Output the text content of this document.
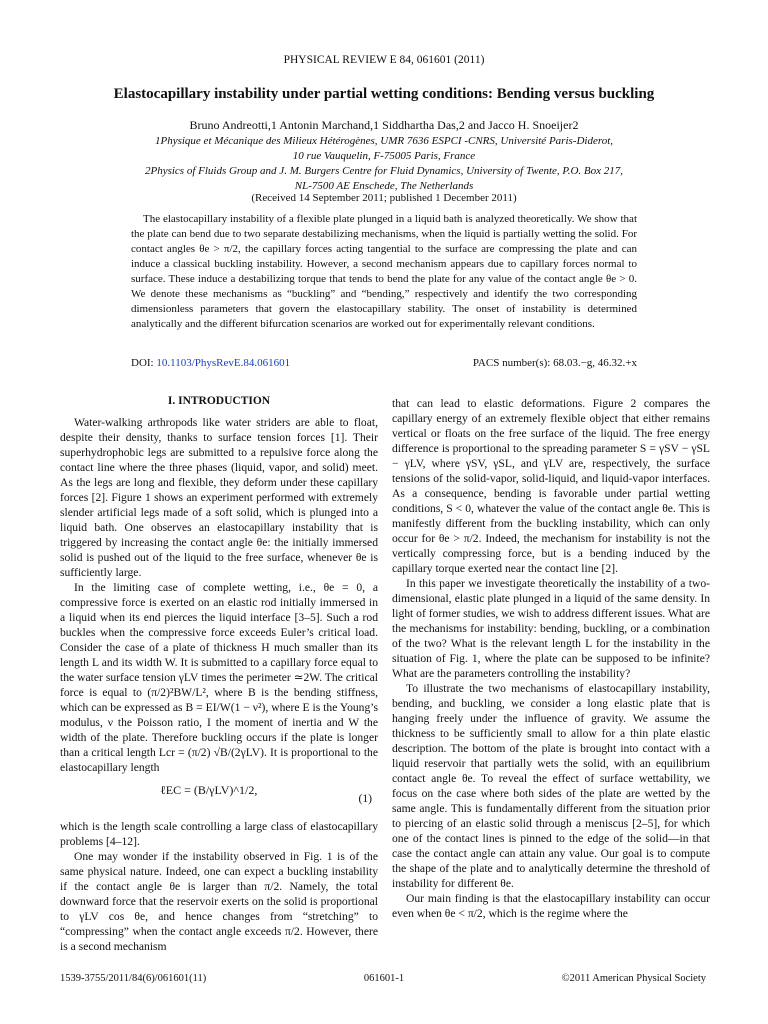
PHYSICAL REVIEW E 84, 061601 (2011)
Elastocapillary instability under partial wetting conditions: Bending versus buckling
Bruno Andreotti,1 Antonin Marchand,1 Siddhartha Das,2 and Jacco H. Snoeijer2
1Physique et Mécanique des Milieux Hétérogènes, UMR 7636 ESPCI -CNRS, Université Paris-Diderot,
10 rue Vauquelin, F-75005 Paris, France
2Physics of Fluids Group and J. M. Burgers Centre for Fluid Dynamics, University of Twente, P.O. Box 217,
NL-7500 AE Enschede, The Netherlands
(Received 14 September 2011; published 1 December 2011)

The elastocapillary instability of a flexible plate plunged in a liquid bath is analyzed theoretically. We show that the plate can bend due to two separate destabilizing mechanisms, when the liquid is partially wetting the solid. For contact angles θe > π/2, the capillary forces acting tangential to the surface are compressing the plate and can induce a classical buckling instability. However, a second mechanism appears due to capillary forces normal to surface. These induce a destabilizing torque that tends to bend the plate for any value of the contact angle θe > 0. We denote these mechanisms as “buckling” and “bending,” respectively and identify the two corresponding dimensionless parameters that govern the elastocapillary stability. The onset of instability is determined analytically and the different bifurcation scenarios are worked out for experimentally relevant conditions.

DOI: 10.1103/PhysRevE.84.061601	PACS number(s): 68.03.−g, 46.32.+x
I. INTRODUCTION

Water-walking arthropods like water striders are able to float, despite their density, thanks to surface tension forces [1]. Their superhydrophobic legs are submitted to a repulsive force along the contact line where the three phases (liquid, vapor, and solid) meet. As the legs are long and flexible, they deform under these capillary forces [2]. Figure 1 shows an experiment performed with extremely slender artificial legs made of a soft solid, which is plunged into a liquid bath. One observes an elastocapillary instability that is triggered by increasing the contact angle θe: the initially immersed solid is pushed out of the liquid to the free surface, whenever θe is sufficiently large.

In the limiting case of complete wetting, i.e., θe = 0, a compressive force is exerted on an elastic rod initially immersed in a liquid when its end pierces the liquid interface [3–5]. Such a rod buckles when the compressive force exceeds Euler’s critical load. Consider the case of a plate of thickness H much smaller than its length L and its width W. It is submitted to a capillary force equal to the water surface tension γLV times the perimeter ≃2W. The critical force is equal to (π/2)²BW/L², where B is the bending stiffness, which can be expressed as B = EI/W(1 − ν²), where E is the Young’s modulus, ν the Poisson ratio, I the moment of inertia and W the width of the plate. Therefore buckling occurs if the plate is longer than a critical length Lcr = (π/2) √B/(2γLV). It is proportional to the elastocapillary length

ℓEC = (B/γLV)^1/2,
(1)

which is the length scale controlling a large class of elastocapillary problems [4–12].

One may wonder if the instability observed in Fig. 1 is of the same physical nature. Indeed, one can expect a buckling instability if the contact angle θe is larger than π/2. Namely, the total downward force that the reservoir exerts on the solid is proportional to γLV cos θe, and hence changes from “stretching” to “compressing” when the contact angle exceeds π/2. However, there is a second mechanism

that can lead to elastic deformations. Figure 2 compares the capillary energy of an extremely flexible object that either remains vertical or floats on the free surface of the liquid. The free energy difference is proportional to the spreading parameter S = γSV − γSL − γLV, where γSV, γSL, and γLV are, respectively, the surface tensions of the solid-vapor, solid-liquid, and liquid-vapor interfaces. As a consequence, bending is favorable under partial wetting conditions, S < 0, whatever the value of the contact angle θe. This is manifestly different from the buckling instability, which can only occur for θe > π/2. Indeed, the mechanism for instability is not the vertically compressing force, but is a bending induced by the capillary torque exerted near the contact line [2].

In this paper we investigate theoretically the instability of a two-dimensional, elastic plate plunged in a liquid of the same density. In light of former studies, we wish to address different issues. What are the mechanisms for instability: bending, buckling, or a combination of the two? What is the relevant length L for the instability in the situation of Fig. 1, where the plate can be supposed to be infinite? What are the parameters controlling the instability?

To illustrate the two mechanisms of elastocapillary instability, bending, and buckling, we consider a long elastic plate that is hanging freely under the influence of gravity. We assume the thickness to be sufficiently small to allow for a thin plate elastic description. The bottom of the plate is brought into contact with a liquid reservoir that partially wets the solid, with an equilibrium contact angle θe. To reveal the effect of surface wettability, we focus on the case where both sides of the plate are wetted by the same angle. This is fundamentally different from the situation prior to piercing of an elastic solid through a meniscus [2–5], for which one of the contact lines is pinned to the edge of the solid—in that case the contact angle can attain any value. Our goal is to compute the shape of the plate and to analytically determine the threshold of instability for different θe.

Our main finding is that the elastocapillary instability can occur even when θe < π/2, which is the regime where the

1539-3755/2011/84(6)/061601(11)	061601-1	©2011 American Physical Society
